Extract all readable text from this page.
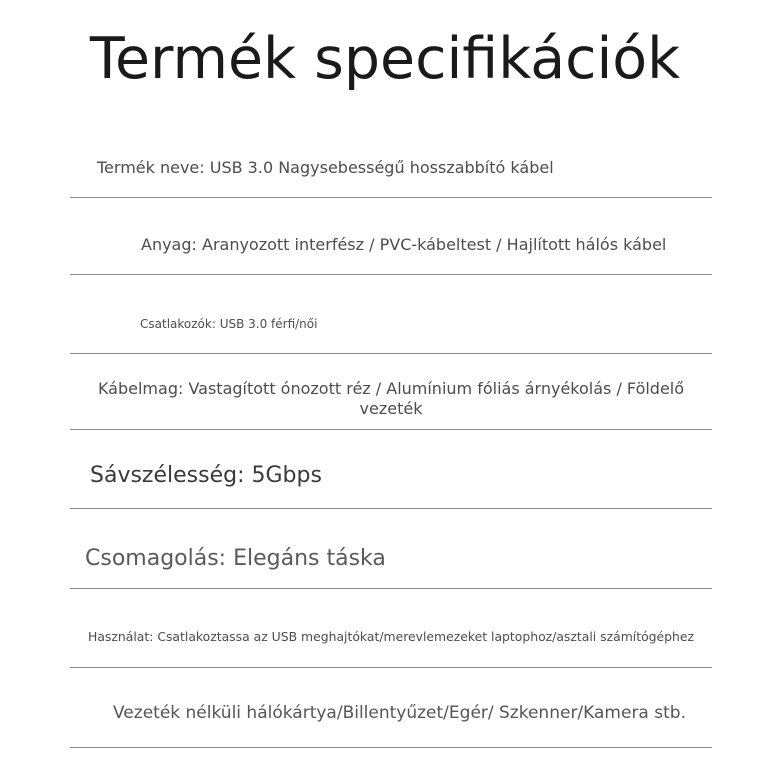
Termék specifikációk
Termék neve: USB 3.0 Nagysebességű hosszabbító kábel
Anyag: Aranyozott interfész / PVC-kábeltest / Hajlított hálós kábel
Csatlakozók: USB 3.0 férfi/női
Kábelmag: Vastagított ónozott réz / Alumínium fóliás árnyékolás / Földelő vezeték
Sávszélesség: 5Gbps
Csomagolás: Elegáns táska
Használat: Csatlakoztassa az USB meghajtókat/merevlemezeket laptophoz/asztali számítógéphez
Vezeték nélküli hálókártya/Billentyűzet/Egér/ Szkenner/Kamera stb.
